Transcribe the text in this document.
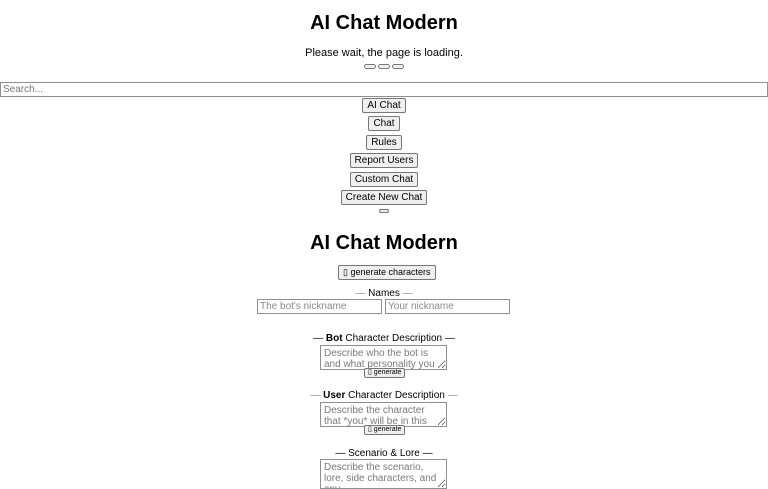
AI Chat Modern
Please wait, the page is loading.
Search...
AI Chat
Chat
Rules
Report Users
Custom Chat
Create New Chat
AI Chat Modern
▯ generate characters
— Names —
The bot's nickname
Your nickname
— Bot Character Description —
Describe who the bot is and what personality you want
▯ generate
— User Character Description —
Describe the character that *you* will be in this chat.
▯ generate
— Scenario & Lore —
Describe the scenario, lore, side characters, and any
